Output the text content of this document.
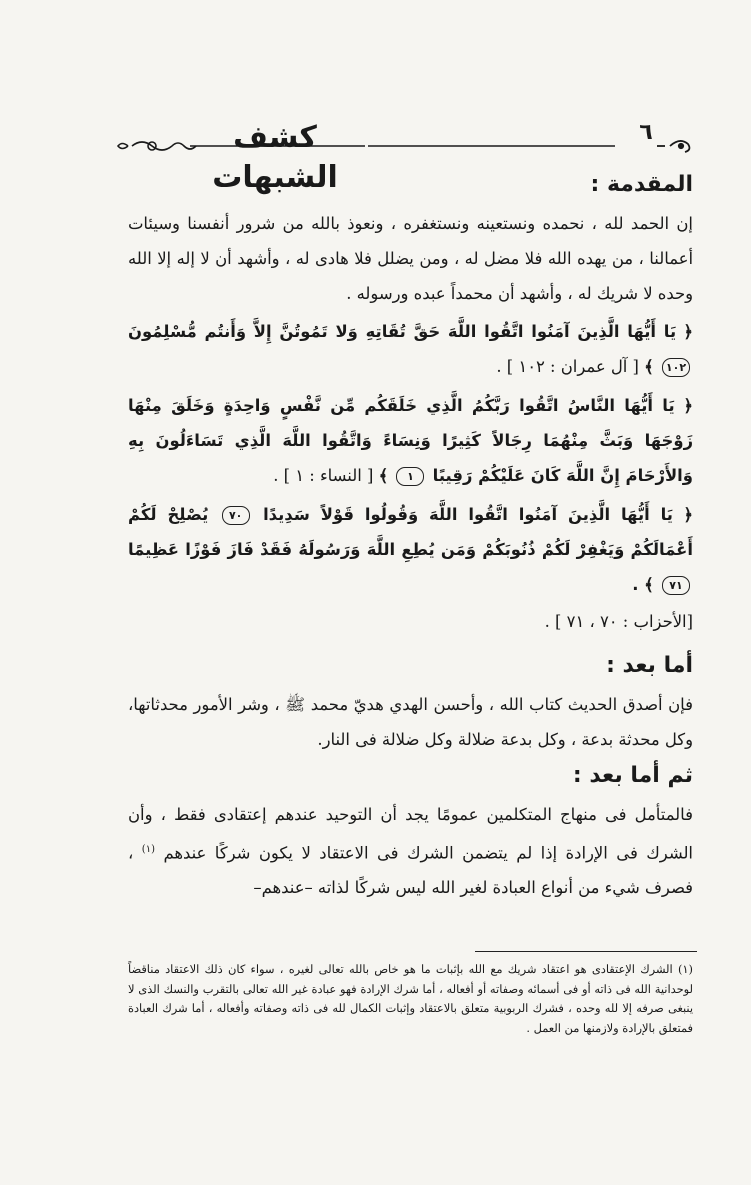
كشف الشبهات
٦
المقدمة :

إن الحمد لله ، نحمده ونستعينه ونستغفره ، ونعوذ بالله من شرور أنفسنا وسيئات أعمالنا ، من يهده الله فلا مضل له ، ومن يضلل فلا هادى له ، وأشهد أن لا إله إلا الله وحده لا شريك له ، وأشهد أن محمداً عبده ورسوله .

﴿ يَا أَيُّهَا الَّذِينَ آمَنُوا اتَّقُوا اللَّهَ حَقَّ تُقَاتِهِ وَلا تَمُوتُنَّ إِلاَّ وَأَنتُم مُّسْلِمُونَ ١٠٢ ﴾ [ آل عمران : ١٠٢ ] .

﴿ يَا أَيُّهَا النَّاسُ اتَّقُوا رَبَّكُمُ الَّذِي خَلَقَكُم مِّن نَّفْسٍ وَاحِدَةٍ وَخَلَقَ مِنْهَا زَوْجَهَا وَبَثَّ مِنْهُمَا رِجَالاً كَثِيرًا وَنِسَاءً وَاتَّقُوا اللَّهَ الَّذِي تَسَاءَلُونَ بِهِ وَالأَرْحَامَ إِنَّ اللَّهَ كَانَ عَلَيْكُمْ رَقِيبًا ١ ﴾ [ النساء : ١ ] .

﴿ يَا أَيُّهَا الَّذِينَ آمَنُوا اتَّقُوا اللَّهَ وَقُولُوا قَوْلاً سَدِيدًا ٧٠ يُصْلِحْ لَكُمْ أَعْمَالَكُمْ وَيَغْفِرْ لَكُمْ ذُنُوبَكُمْ وَمَن يُطِعِ اللَّهَ وَرَسُولَهُ فَقَدْ فَازَ فَوْزًا عَظِيمًا ٧١ ﴾ .

[الأحزاب : ٧٠ ، ٧١ ] .

أما بعد :

فإن أصدق الحديث كتاب الله ، وأحسن الهدي هديّ محمد ﷺ ، وشر الأمور محدثاتها، وكل محدثة بدعة ، وكل بدعة ضلالة وكل ضلالة فى النار.

ثم أما بعد :

فالمتأمل فى منهاج المتكلمين عمومًا يجد أن التوحيد عندهم إعتقادى فقط ، وأن الشرك فى الإرادة إذا لم يتضمن الشرك فى الاعتقاد لا يكون شركًا عندهم $^{(١)}$ ، فصرف شيء من أنواع العبادة لغير الله ليس شركًا لذاته –عندهم–

(١) الشرك الإعتقادى هو اعتقاد شريك مع الله بإثبات ما هو خاص بالله تعالى لغيره ، سواء كان ذلك الاعتقاد مناقضاً لوحدانية الله فى ذاته أو فى أسمائه وصفاته أو أفعاله ، أما شرك الإرادة فهو عبادة غير الله تعالى بالتقرب والنسك الذى لا ينبغى صرفه إلا لله وحده ، فشرك الربوبية متعلق بالاعتقاد وإثبات الكمال لله فى ذاته وصفاته وأفعاله ، أما شرك العبادة فمتعلق بالإرادة ولازمنها من العمل .
